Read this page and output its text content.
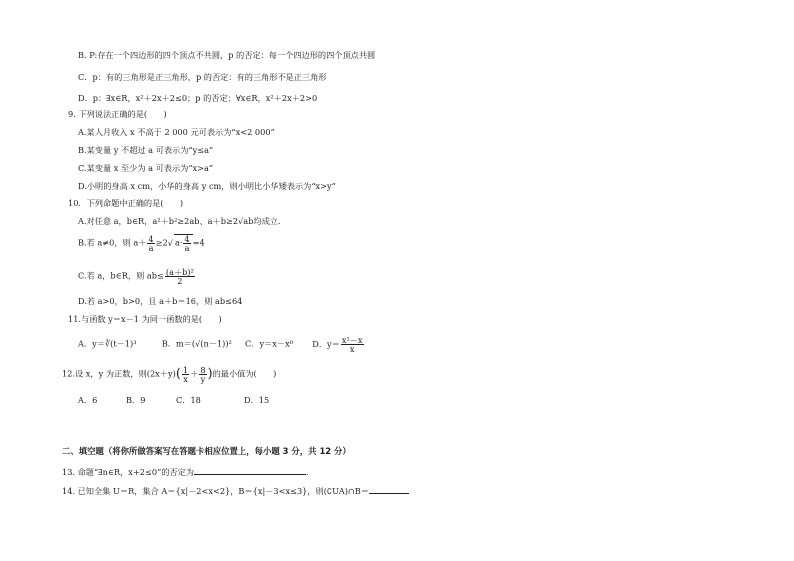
B. P:存在一个四边形的四个顶点不共圆，p 的否定：每一个四边形的四个顶点共圆
C．p：有的三角形是正三角形，p 的否定：有的三角形不是正三角形
D．p：∃x∈R，x²＋2x＋2≤0；p 的否定：∀x∈R，x²＋2x＋2>0
9. 下列说法正确的是(　　)
A.某人月收入 x 不高于 2 000 元可表示为“x<2 000”
B.某变量 y 不超过 a 可表示为“y≤a”
C.某变量 x 至少为 a 可表示为“x>a”
D.小明的身高 x cm，小华的身高 y cm，则小明比小华矮表示为“x>y”
10．下列命题中正确的是(　　)
A.对任意 a，b∈R，a²＋b²≥2ab、a＋b≥2√ab均成立.
B.若 a≠0，则 $a+ \frac{4}{a} \ge 2√$ $a\cdot \frac{4}{a} =4$
C.若 a，b∈R，则 $ab\le \frac{\text{(a＋b)²}}{2}$
D.若 a>0，b>0，且 a＋b＝16，则 ab≤64
11.与函数 y＝x－1 为同一函数的是(　　)
A．y＝∛(t－1)³	B．m＝(√(n－1))² C．y＝x－x⁰ D．$y= \frac{\text{x²－x}}{x}$
12.设 x，y 为正数，则$(2x+y)( \frac{1}{x} + \frac{8}{y}$ )的最小值为(　　)
A．6	B．9	C．18	D．15
二、填空题（将你所做答案写在答题卡相应位置上，每小题 3 分，共 12 分）
13. 命题“∃n∈R，x+2≤0”的否定为	.
14. 已知全集 U＝R，集合 A＝{x|－2<x<2}，B＝{x|－3<x≤3}，则(∁UA)∩B＝
